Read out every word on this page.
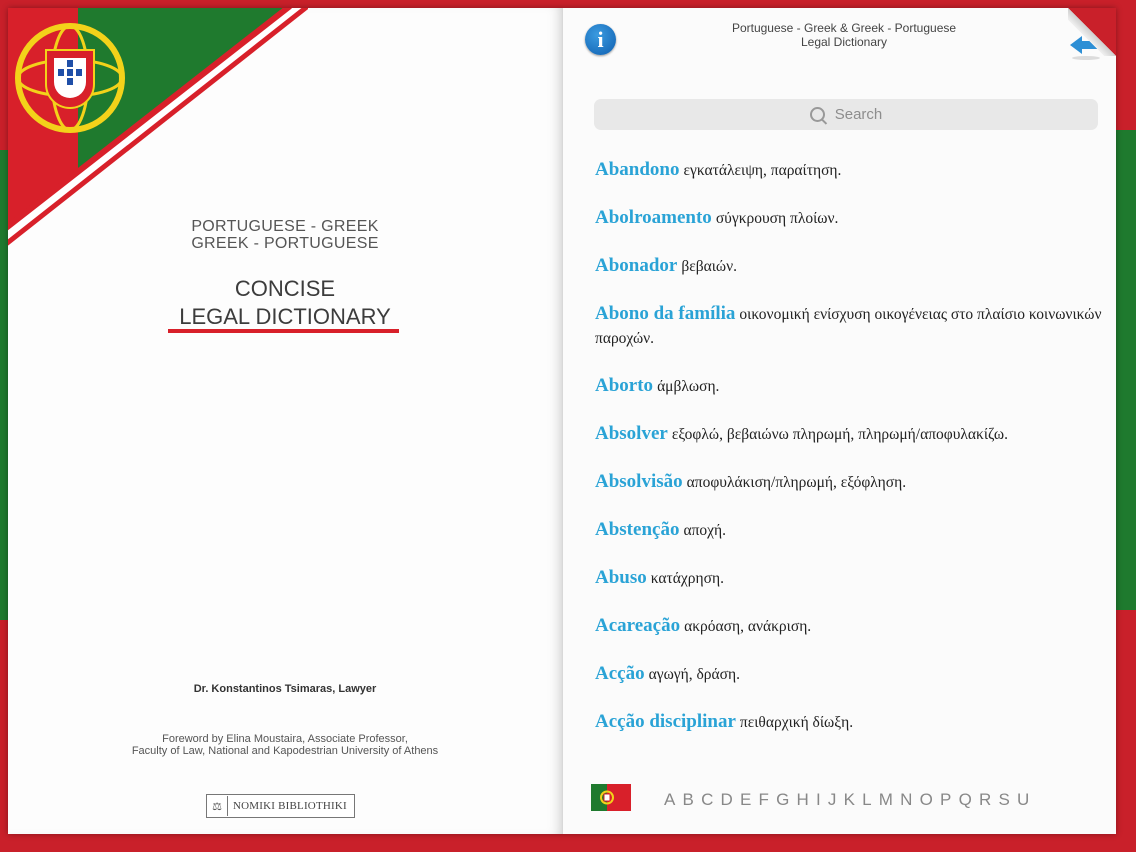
PORTUGUESE - GREEK
GREEK - PORTUGUESE
CONCISE
LEGAL DICTIONARY
Dr. Konstantinos Tsimaras, Lawyer
Foreword by Elina Moustaira, Associate Professor,
Faculty of Law, National and Kapodestrian University of Athens
⚖	NOMIKI BIBLIOTHIKI
i	Portuguese - Greek & Greek - Portuguese
Legal Dictionary
Search

Abandono εγκατάλειψη, παραίτηση.

Abolroamento σύγκρουση πλοίων.

Abonador βεβαιών.

Abono da família οικονομική ενίσχυση οικογένειας στο πλαίσιο κοινωνικών παροχών.

Aborto άμβλωση.

Absolver εξοφλώ, βεβαιώνω πληρωμή, πληρωμή/αποφυλακίζω.

Absolvisão αποφυλάκιση/πληρωμή, εξόφληση.

Abstenção αποχή.

Abuso κατάχρηση.

Acareação ακρόαση, ανάκριση.

Acção αγωγή, δράση.

Acção disciplinar πειθαρχική δίωξη.

A B C D E F G H I J K L M N O P Q R S U
